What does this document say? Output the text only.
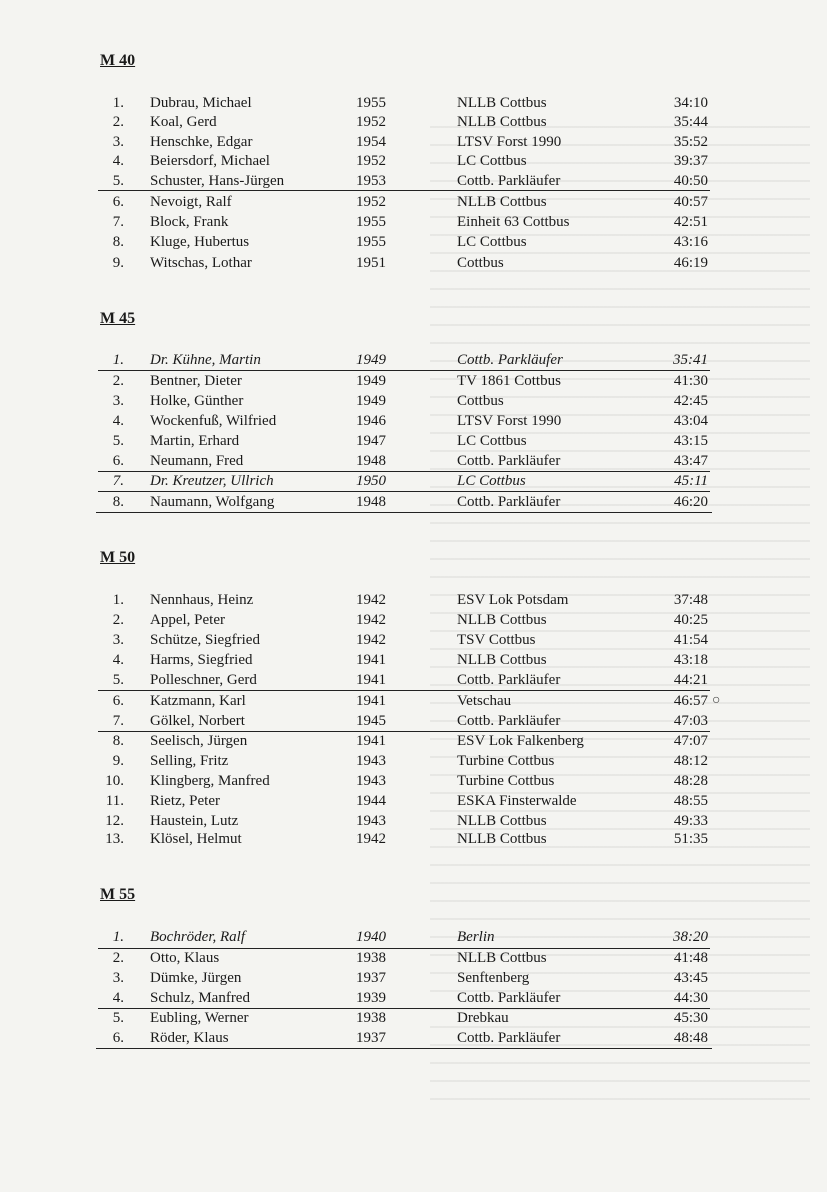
M 40
1. Dubrau, Michael	1955	NLLB Cottbus	34:10
2. Koal, Gerd	1952	NLLB Cottbus	35:44
3. Henschke, Edgar	1954	LTSV Forst 1990	35:52
4. Beiersdorf, Michael	1952	LC Cottbus	39:37
5. Schuster, Hans-Jürgen	1953	Cottb. Parkläufer	40:50
6. Nevoigt, Ralf	1952	NLLB Cottbus	40:57
7. Block, Frank	1955	Einheit 63 Cottbus	42:51
8. Kluge, Hubertus	1955	LC Cottbus	43:16
9. Witschas, Lothar	1951	Cottbus	46:19
M 45
1. Dr. Kühne, Martin	1949	Cottb. Parkläufer	35:41
2. Bentner, Dieter	1949	TV 1861 Cottbus	41:30
3. Holke, Günther	1949	Cottbus	42:45
4. Wockenfuß, Wilfried	1946	LTSV Forst 1990	43:04
5. Martin, Erhard	1947	LC Cottbus	43:15
6. Neumann, Fred	1948	Cottb. Parkläufer	43:47
7. Dr. Kreutzer, Ullrich	1950	LC Cottbus	45:11
8. Naumann, Wolfgang	1948	Cottb. Parkläufer	46:20
M 50
1. Nennhaus, Heinz	1942	ESV Lok Potsdam	37:48
2. Appel, Peter	1942	NLLB Cottbus	40:25
3. Schütze, Siegfried	1942	TSV Cottbus	41:54
4. Harms, Siegfried	1941	NLLB Cottbus	43:18
5. Polleschner, Gerd	1941	Cottb. Parkläufer	44:21
6. Katzmann, Karl	1941	Vetschau	46:57 ○
7. Gölkel, Norbert	1945	Cottb. Parkläufer	47:03
8. Seelisch, Jürgen	1941	ESV Lok Falkenberg	47:07
9. Selling, Fritz	1943	Turbine Cottbus	48:12
10. Klingberg, Manfred	1943	Turbine Cottbus	48:28
11. Rietz, Peter	1944	ESKA Finsterwalde	48:55
12. Haustein, Lutz	1943	NLLB Cottbus	49:33
13. Klösel, Helmut	1942	NLLB Cottbus	51:35
M 55
1. Bochröder, Ralf	1940	Berlin	38:20
2. Otto, Klaus	1938	NLLB Cottbus	41:48
3. Dümke, Jürgen	1937	Senftenberg	43:45
4. Schulz, Manfred	1939	Cottb. Parkläufer	44:30
5. Eubling, Werner	1938	Drebkau	45:30
6. Röder, Klaus	1937	Cottb. Parkläufer	48:48
